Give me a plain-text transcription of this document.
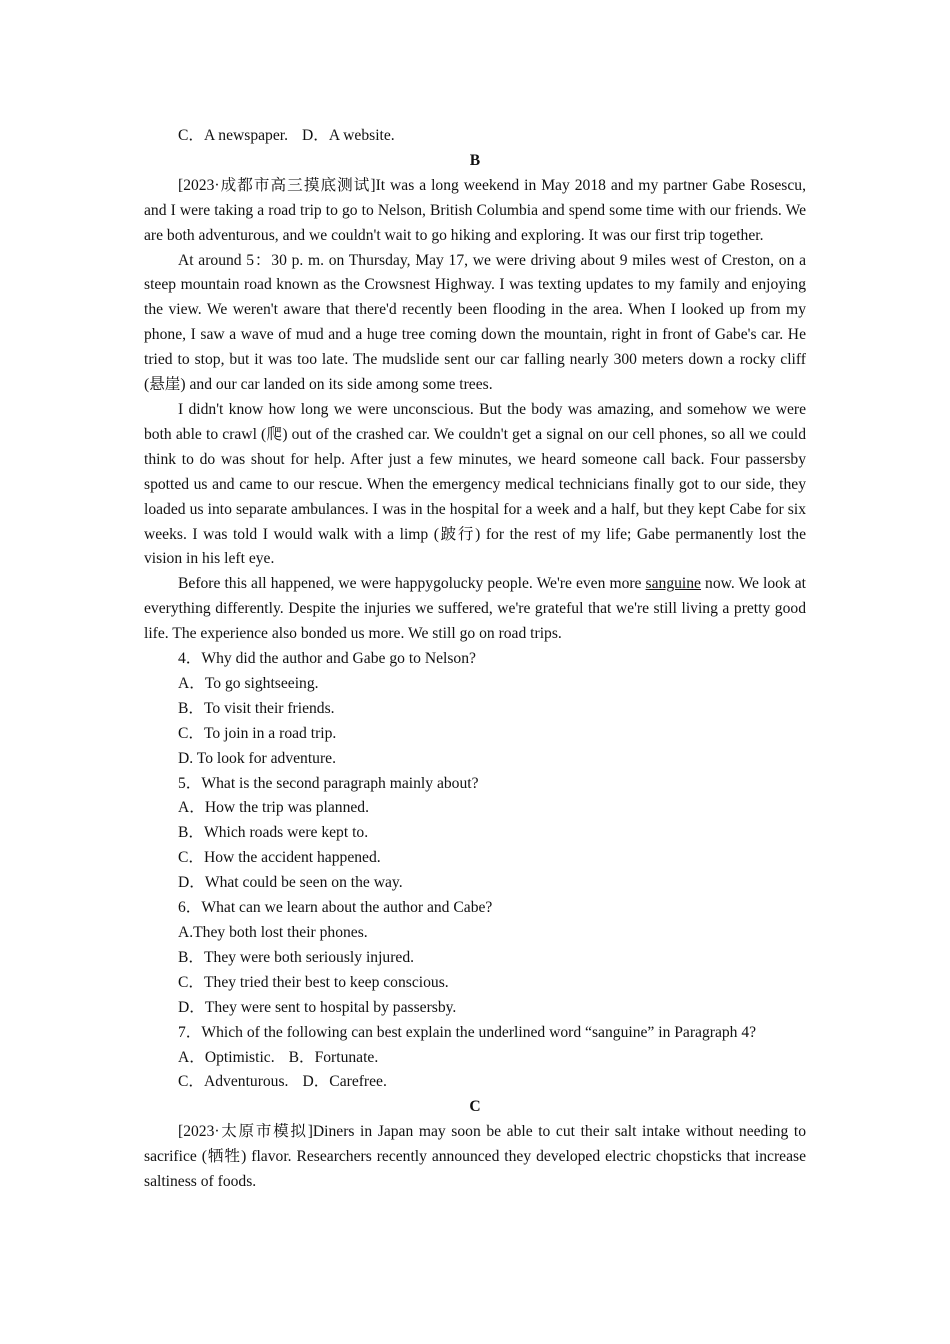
C．A newspaper. D．A website.

B

[2023·成都市高三摸底测试]It was a long weekend in May 2018 and my partner Gabe Rosescu, and I were taking a road trip to go to Nelson, British Columbia and spend some time with our friends. We are both adventurous, and we couldn't wait to go hiking and exploring. It was our first trip together.

At around 5：30 p. m. on Thursday, May 17, we were driving about 9 miles west of Creston, on a steep mountain road known as the Crowsnest Highway. I was texting updates to my family and enjoying the view. We weren't aware that there'd recently been flooding in the area. When I looked up from my phone, I saw a wave of mud and a huge tree coming down the mountain, right in front of Gabe's car. He tried to stop, but it was too late. The mudslide sent our car falling nearly 300 meters down a rocky cliff (悬崖) and our car landed on its side among some trees.

I didn't know how long we were unconscious. But the body was amazing, and somehow we were both able to crawl (爬) out of the crashed car. We couldn't get a signal on our cell phones, so all we could think to do was shout for help. After just a few minutes, we heard someone call back. Four passersby spotted us and came to our rescue. When the emergency medical technicians finally got to our side, they loaded us into separate ambulances. I was in the hospital for a week and a half, but they kept Cabe for six weeks. I was told I would walk with a limp (跛行) for the rest of my life; Gabe permanently lost the vision in his left eye.

Before this all happened, we were happygolucky people. We're even more sanguine now. We look at everything differently. Despite the injuries we suffered, we're grateful that we're still living a pretty good life. The experience also bonded us more. We still go on road trips.

4．Why did the author and Gabe go to Nelson?

A．To go sightseeing.

B．To visit their friends.

C．To join in a road trip.

D. To look for adventure.

5．What is the second paragraph mainly about?

A．How the trip was planned.

B．Which roads were kept to.

C．How the accident happened.

D．What could be seen on the way.

6．What can we learn about the author and Cabe?

A.They both lost their phones.

B．They were both seriously injured.

C．They tried their best to keep conscious.

D．They were sent to hospital by passersby.

7．Which of the following can best explain the underlined word “sanguine” in Paragraph 4?

A．Optimistic. B．Fortunate.

C．Adventurous. D．Carefree.

C

[2023·太原市模拟]Diners in Japan may soon be able to cut their salt intake without needing to sacrifice (牺牲) flavor. Researchers recently announced they developed electric chopsticks that increase saltiness of foods.
